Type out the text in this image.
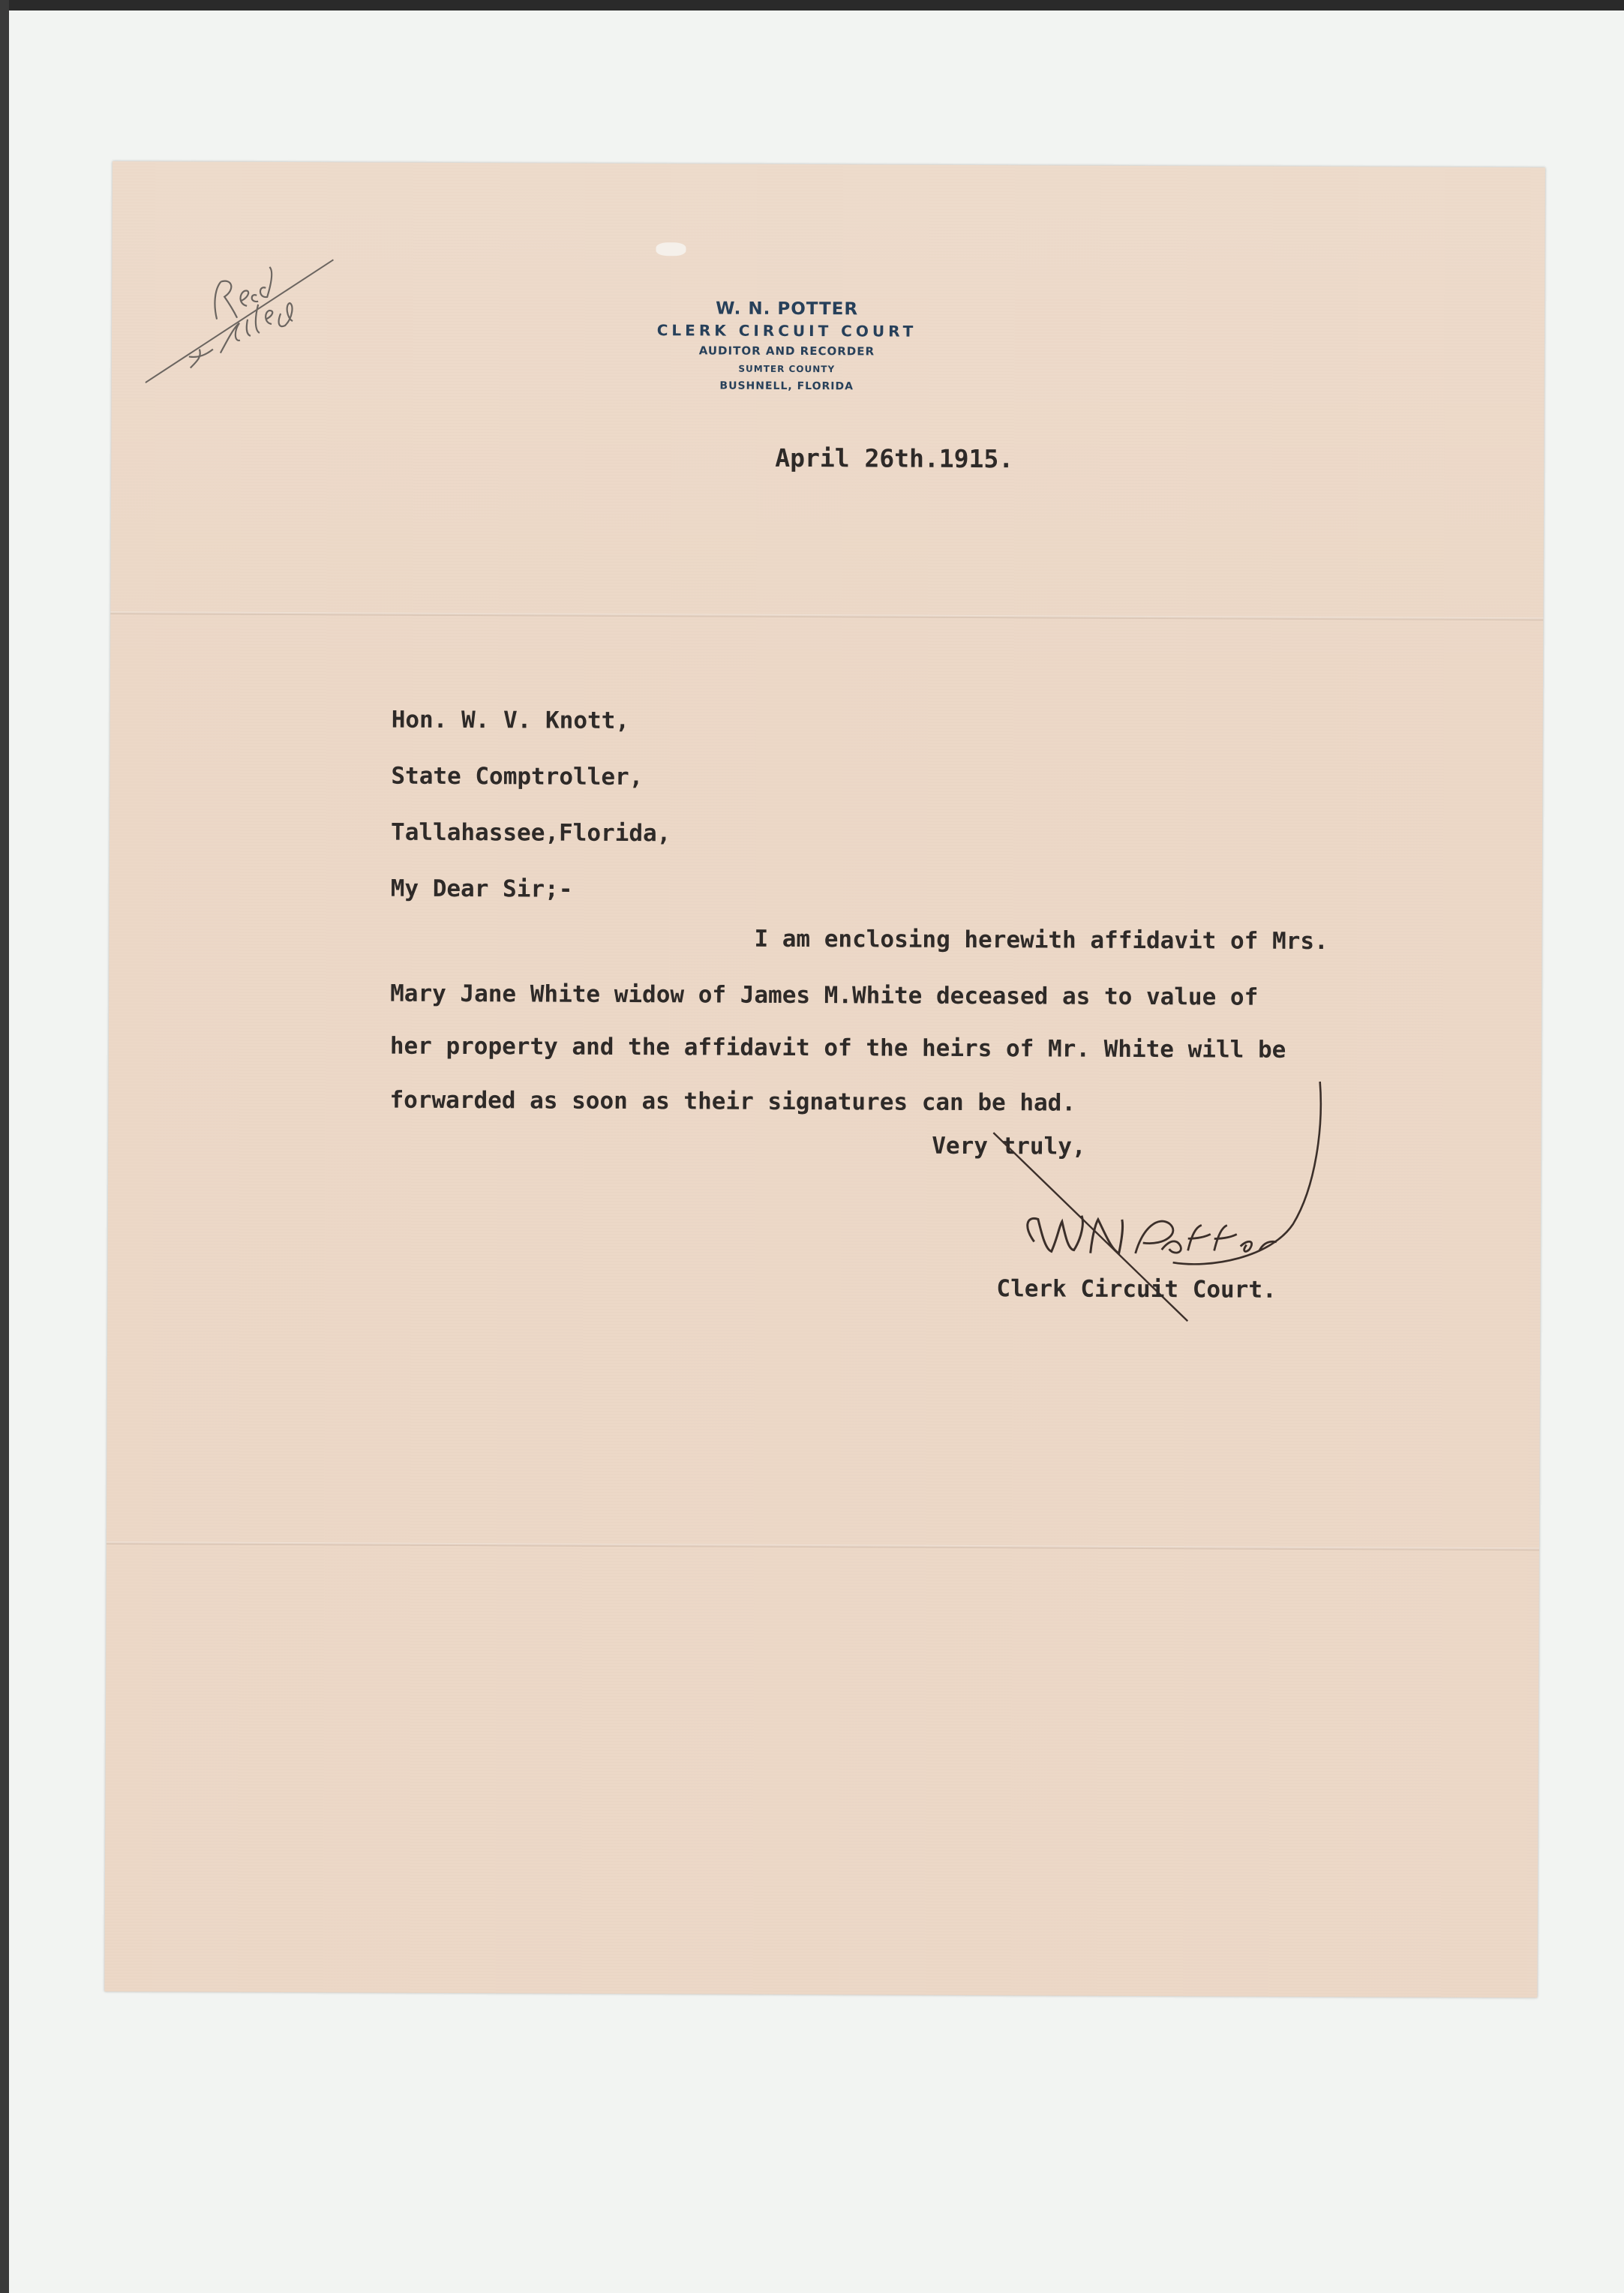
W. N. POTTER
CLERK CIRCUIT COURT
AUDITOR AND RECORDER
SUMTER COUNTY
BUSHNELL, FLORIDA
April 26th.1915.
Hon. W. V. Knott,
State Comptroller,
Tallahassee,Florida,
My Dear Sir;-
I am enclosing herewith affidavit of Mrs.
Mary Jane White widow of James M.White deceased as to value of
her property and the affidavit of the heirs of Mr. White will be
forwarded as soon as their signatures can be had.
Very truly,
Clerk Circuit Court.
